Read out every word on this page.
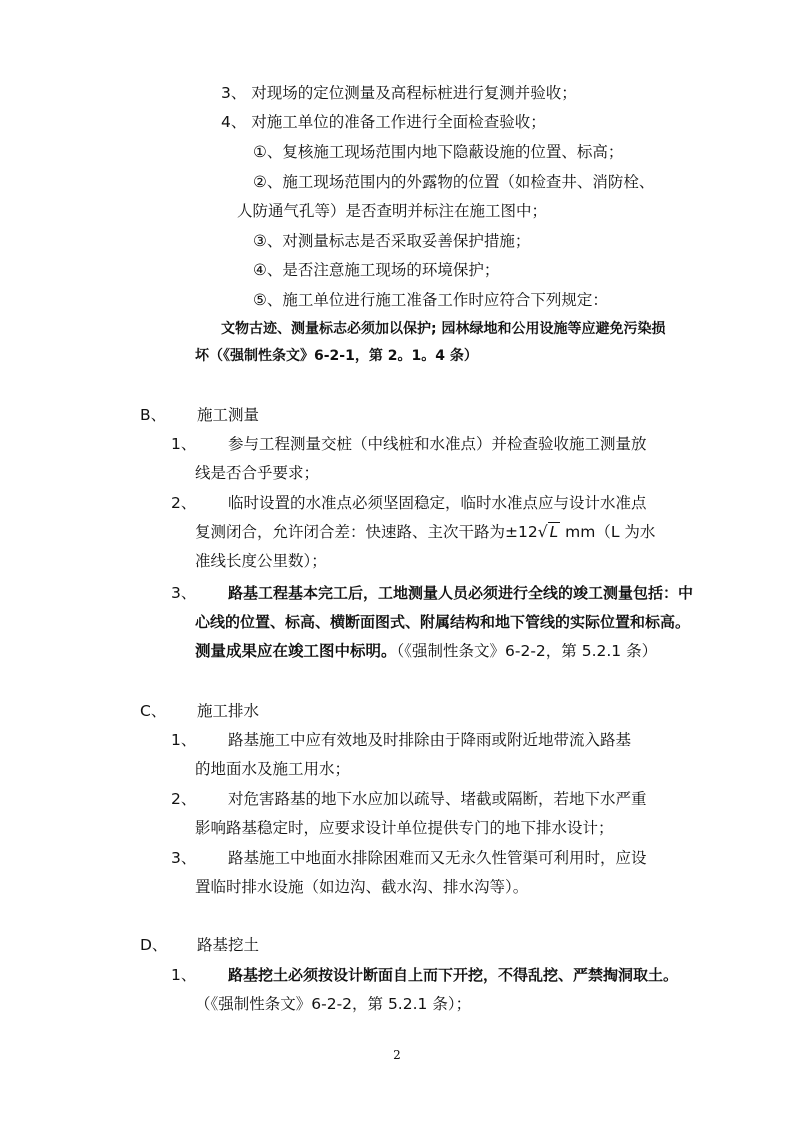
3、 对现场的定位测量及高程标桩进行复测并验收；
4、 对施工单位的准备工作进行全面检查验收；
①、复核施工现场范围内地下隐蔽设施的位置、标高；
②、施工现场范围内的外露物的位置（如检查井、消防栓、
人防通气孔等）是否查明并标注在施工图中；
③、对测量标志是否采取妥善保护措施；
④、是否注意施工现场的环境保护；
⑤、施工单位进行施工准备工作时应符合下列规定：
文物古迹、测量标志必须加以保护; 园林绿地和公用设施等应避免污染损
坏（《强制性条文》6-2-1，第 2。1。4 条）
B、 施工测量
1、 参与工程测量交桩（中线桩和水准点）并检查验收施工测量放
线是否合乎要求；
2、 临时设置的水准点必须坚固稳定，临时水准点应与设计水准点
复测闭合，允许闭合差：快速路、主次干路为±12√ L mm（L 为水
准线长度公里数）；
3、 路基工程基本完工后，工地测量人员必须进行全线的竣工测量包括：中
心线的位置、标高、横断面图式、附属结构和地下管线的实际位置和标高。
测量成果应在竣工图中标明。（《强制性条文》6-2-2，第 5.2.1 条）
C、 施工排水
1、 路基施工中应有效地及时排除由于降雨或附近地带流入路基
的地面水及施工用水；
2、 对危害路基的地下水应加以疏导、堵截或隔断，若地下水严重
影响路基稳定时，应要求设计单位提供专门的地下排水设计；
3、 路基施工中地面水排除困难而又无永久性管渠可利用时，应设
置临时排水设施（如边沟、截水沟、排水沟等）。
D、 路基挖土
1、 路基挖土必须按设计断面自上而下开挖，不得乱挖、严禁掏洞取土。
（《强制性条文》6-2-2，第 5.2.1 条）；
2
